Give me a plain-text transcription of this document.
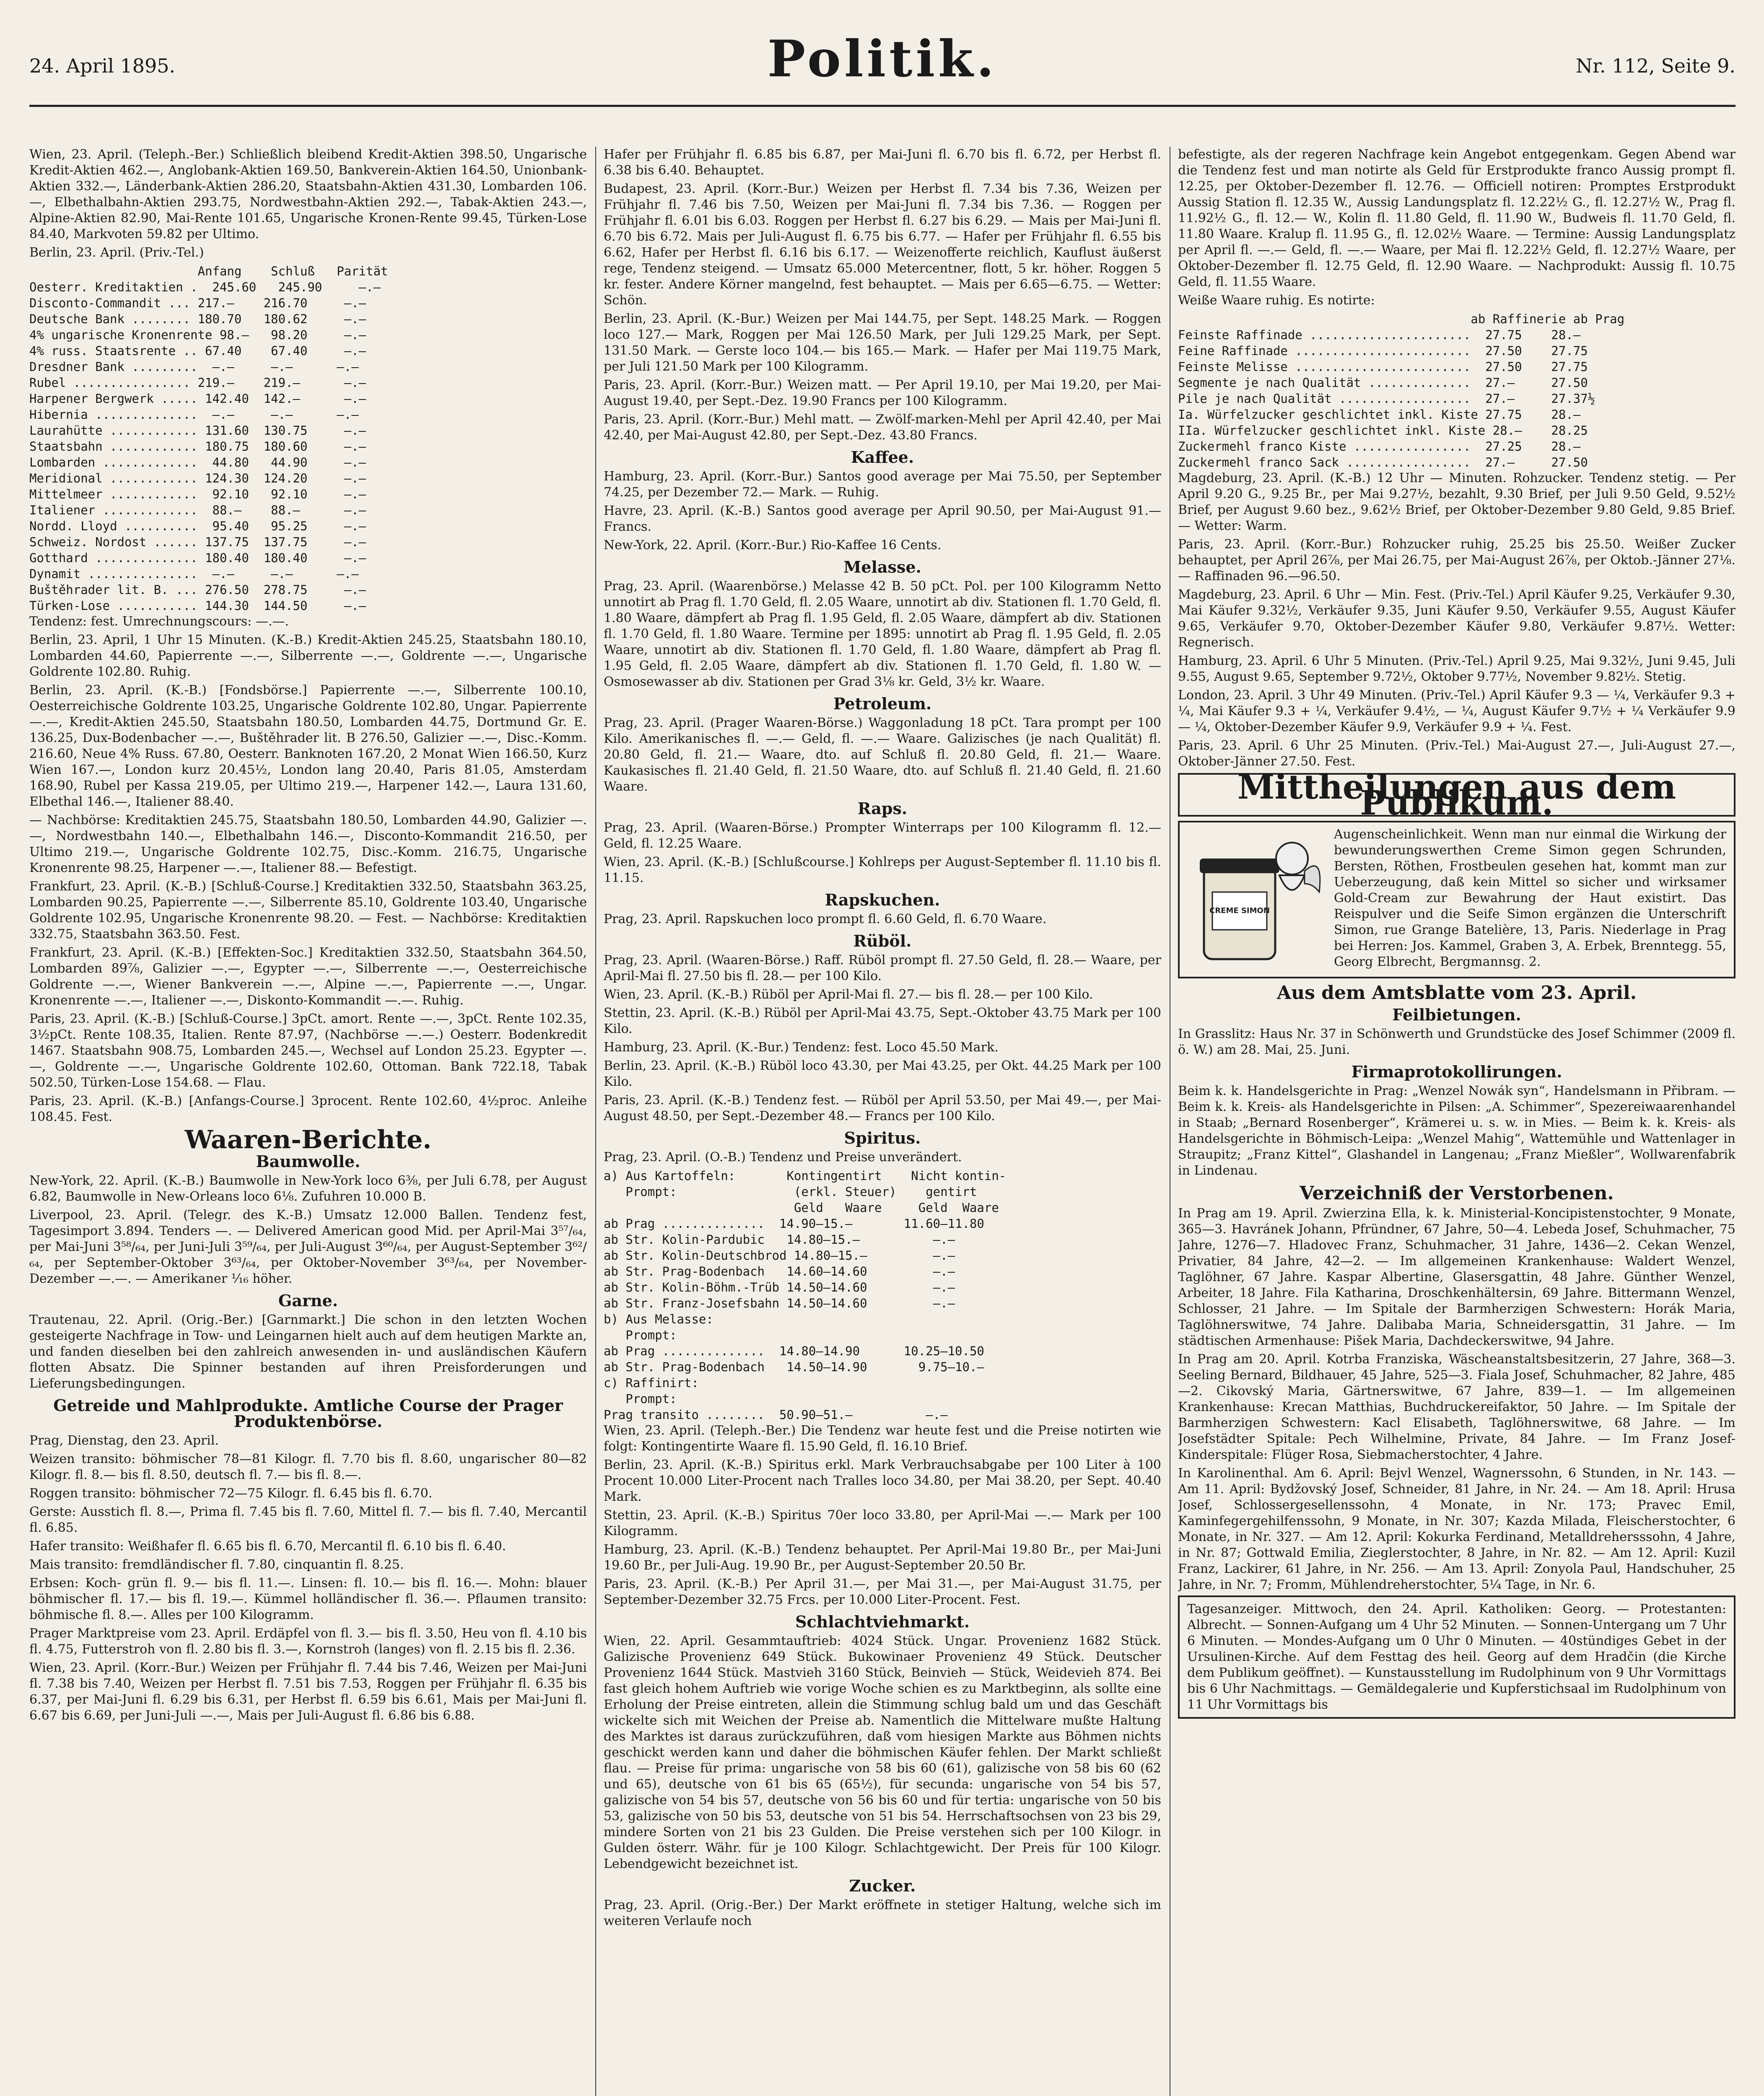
24. April 1895.	Politik.	Nr. 112, Seite 9.

Wien, 23. April. (Teleph.-Ber.) Schließlich bleibend Kredit-Aktien 398.50, Ungarische Kredit-Aktien 462.—, Anglobank-Aktien 169.50, Bankverein-Aktien 164.50, Unionbank-Aktien 332.—, Länderbank-Aktien 286.20, Staatsbahn-Aktien 431.30, Lombarden 106.—, Elbethalbahn-Aktien 293.75, Nordwestbahn-Aktien 292.—, Tabak-Aktien 243.—, Alpine-Aktien 82.90, Mai-Rente 101.65, Ungarische Kronen-Rente 99.45, Türken-Lose 84.40, Markvoten 59.82 per Ultimo.

Berlin, 23. April. (Priv.-Tel.)

Anfang    Schluß   Parität
Oesterr. Kreditaktien .  245.60   245.90     —.—
Disconto-Commandit ... 217.—    216.70     —.—
Deutsche Bank ........ 180.70   180.62     —.—
4% ungarische Kronenrente 98.—   98.20     —.—
4% russ. Staatsrente .. 67.40    67.40     —.—
Dresdner Bank .........  —.—     —.—      —.—
Rubel ................ 219.—    219.—      —.—
Harpener Bergwerk ..... 142.40  142.—      —.—
Hibernia ..............  —.—     —.—      —.—
Laurahütte ............ 131.60  130.75     —.—
Staatsbahn ............ 180.75  180.60     —.—
Lombarden .............  44.80   44.90     —.—
Meridional ............ 124.30  124.20     —.—
Mittelmeer ............  92.10   92.10     —.—
Italiener .............  88.—    88.—      —.—
Nordd. Lloyd ..........  95.40   95.25     —.—
Schweiz. Nordost ...... 137.75  137.75     —.—
Gotthard .............. 180.40  180.40     —.—
Dynamit ...............  —.—     —.—      —.—
Buštěhrader lit. B. ... 276.50  278.75     —.—
Türken-Lose ........... 144.30  144.50     —.—

Tendenz: fest. Umrechnungscours: —.—.

Berlin, 23. April, 1 Uhr 15 Minuten. (K.-B.) Kredit-Aktien 245.25, Staatsbahn 180.10, Lombarden 44.60, Papierrente —.—, Silberrente —.—, Goldrente —.—, Ungarische Goldrente 102.80. Ruhig.

Berlin, 23. April. (K.-B.) [Fondsbörse.] Papierrente —.—, Silberrente 100.10, Oesterreichische Goldrente 103.25, Ungarische Goldrente 102.80, Ungar. Papierrente —.—, Kredit-Aktien 245.50, Staatsbahn 180.50, Lombarden 44.75, Dortmund Gr. E. 136.25, Dux-Bodenbacher —.—, Buštěhrader lit. B 276.50, Galizier —.—, Disc.-Komm. 216.60, Neue 4% Russ. 67.80, Oesterr. Banknoten 167.20, 2 Monat Wien 166.50, Kurz Wien 167.—, London kurz 20.45½, London lang 20.40, Paris 81.05, Amsterdam 168.90, Rubel per Kassa 219.05, per Ultimo 219.—, Harpener 142.—, Laura 131.60, Elbethal 146.—, Italiener 88.40.

— Nachbörse: Kreditaktien 245.75, Staatsbahn 180.50, Lombarden 44.90, Galizier —.—, Nordwestbahn 140.—, Elbethalbahn 146.—, Disconto-Kommandit 216.50, per Ultimo 219.—, Ungarische Goldrente 102.75, Disc.-Komm. 216.75, Ungarische Kronenrente 98.25, Harpener —.—, Italiener 88.— Befestigt.

Frankfurt, 23. April. (K.-B.) [Schluß-Course.] Kreditaktien 332.50, Staatsbahn 363.25, Lombarden 90.25, Papierrente —.—, Silberrente 85.10, Goldrente 103.40, Ungarische Goldrente 102.95, Ungarische Kronenrente 98.20. — Fest. — Nachbörse: Kreditaktien 332.75, Staatsbahn 363.50. Fest.

Frankfurt, 23. April. (K.-B.) [Effekten-Soc.] Kreditaktien 332.50, Staatsbahn 364.50, Lombarden 89⅞, Galizier —.—, Egypter —.—, Silberrente —.—, Oesterreichische Goldrente —.—, Wiener Bankverein —.—, Alpine —.—, Papierrente —.—, Ungar. Kronenrente —.—, Italiener —.—, Diskonto-Kommandit —.—. Ruhig.

Paris, 23. April. (K.-B.) [Schluß-Course.] 3pCt. amort. Rente —.—, 3pCt. Rente 102.35, 3½pCt. Rente 108.35, Italien. Rente 87.97, (Nachbörse —.—.) Oesterr. Bodenkredit 1467. Staatsbahn 908.75, Lombarden 245.—, Wechsel auf London 25.23. Egypter —.—, Goldrente —.—, Ungarische Goldrente 102.60, Ottoman. Bank 722.18, Tabak 502.50, Türken-Lose 154.68. — Flau.

Paris, 23. April. (K.-B.) [Anfangs-Course.] 3procent. Rente 102.60, 4½proc. Anleihe 108.45. Fest.

Waaren-Berichte.
Baumwolle.

New-York, 22. April. (K.-B.) Baumwolle in New-York loco 6⅜, per Juli 6.78, per August 6.82, Baumwolle in New-Orleans loco 6⅛. Zufuhren 10.000 B.

Liverpool, 23. April. (Telegr. des K.-B.) Umsatz 12.000 Ballen. Tendenz fest, Tagesimport 3.894. Tenders —. — Delivered American good Mid. per April-Mai 3⁵⁷/₆₄, per Mai-Juni 3⁵⁸/₆₄, per Juni-Juli 3⁵⁹/₆₄, per Juli-August 3⁶⁰/₆₄, per August-September 3⁶²/₆₄, per September-Oktober 3⁶³/₆₄, per Oktober-November 3⁶³/₆₄, per November-Dezember —.—. — Amerikaner ⅟₁₆ höher.

Garne.

Trautenau, 22. April. (Orig.-Ber.) [Garnmarkt.] Die schon in den letzten Wochen gesteigerte Nachfrage in Tow- und Leingarnen hielt auch auf dem heutigen Markte an, und fanden dieselben bei den zahlreich anwesenden in- und ausländischen Käufern flotten Absatz. Die Spinner bestanden auf ihren Preisforderungen und Lieferungsbedingungen.

Getreide und Mahlprodukte. Amtliche Course der Prager Produktenbörse.

Prag, Dienstag, den 23. April.

Weizen transito: böhmischer 78—81 Kilogr. fl. 7.70 bis fl. 8.60, ungarischer 80—82 Kilogr. fl. 8.— bis fl. 8.50, deutsch fl. 7.— bis fl. 8.—.

Roggen transito: böhmischer 72—75 Kilogr. fl. 6.45 bis fl. 6.70.

Gerste: Ausstich fl. 8.—, Prima fl. 7.45 bis fl. 7.60, Mittel fl. 7.— bis fl. 7.40, Mercantil fl. 6.85.

Hafer transito: Weißhafer fl. 6.65 bis fl. 6.70, Mercantil fl. 6.10 bis fl. 6.40.

Mais transito: fremdländischer fl. 7.80, cinquantin fl. 8.25.

Erbsen: Koch- grün fl. 9.— bis fl. 11.—. Linsen: fl. 10.— bis fl. 16.—. Mohn: blauer böhmischer fl. 17.— bis fl. 19.—. Kümmel holländischer fl. 36.—. Pflaumen transito: böhmische fl. 8.—. Alles per 100 Kilogramm.

Prager Marktpreise vom 23. April. Erdäpfel von fl. 3.— bis fl. 3.50, Heu von fl. 4.10 bis fl. 4.75, Futterstroh von fl. 2.80 bis fl. 3.—, Kornstroh (langes) von fl. 2.15 bis fl. 2.36.

Wien, 23. April. (Korr.-Bur.) Weizen per Frühjahr fl. 7.44 bis 7.46, Weizen per Mai-Juni fl. 7.38 bis 7.40, Weizen per Herbst fl. 7.51 bis 7.53, Roggen per Frühjahr fl. 6.35 bis 6.37, per Mai-Juni fl. 6.29 bis 6.31, per Herbst fl. 6.59 bis 6.61, Mais per Mai-Juni fl. 6.67 bis 6.69, per Juni-Juli —.—, Mais per Juli-August fl. 6.86 bis 6.88.

Hafer per Frühjahr fl. 6.85 bis 6.87, per Mai-Juni fl. 6.70 bis fl. 6.72, per Herbst fl. 6.38 bis 6.40. Behauptet.

Budapest, 23. April. (Korr.-Bur.) Weizen per Herbst fl. 7.34 bis 7.36, Weizen per Frühjahr fl. 7.46 bis 7.50, Weizen per Mai-Juni fl. 7.34 bis 7.36. — Roggen per Frühjahr fl. 6.01 bis 6.03. Roggen per Herbst fl. 6.27 bis 6.29. — Mais per Mai-Juni fl. 6.70 bis 6.72. Mais per Juli-August fl. 6.75 bis 6.77. — Hafer per Frühjahr fl. 6.55 bis 6.62, Hafer per Herbst fl. 6.16 bis 6.17. — Weizenofferte reichlich, Kauflust äußerst rege, Tendenz steigend. — Umsatz 65.000 Metercentner, flott, 5 kr. höher. Roggen 5 kr. fester. Andere Körner mangelnd, fest behauptet. — Mais per 6.65—6.75. — Wetter: Schön.

Berlin, 23. April. (K.-Bur.) Weizen per Mai 144.75, per Sept. 148.25 Mark. — Roggen loco 127.— Mark, Roggen per Mai 126.50 Mark, per Juli 129.25 Mark, per Sept. 131.50 Mark. — Gerste loco 104.— bis 165.— Mark. — Hafer per Mai 119.75 Mark, per Juli 121.50 Mark per 100 Kilogramm.

Paris, 23. April. (Korr.-Bur.) Weizen matt. — Per April 19.10, per Mai 19.20, per Mai-August 19.40, per Sept.-Dez. 19.90 Francs per 100 Kilogramm.

Paris, 23. April. (Korr.-Bur.) Mehl matt. — Zwölf-marken-Mehl per April 42.40, per Mai 42.40, per Mai-August 42.80, per Sept.-Dez. 43.80 Francs.

Kaffee.

Hamburg, 23. April. (Korr.-Bur.) Santos good average per Mai 75.50, per September 74.25, per Dezember 72.— Mark. — Ruhig.

Havre, 23. April. (K.-B.) Santos good average per April 90.50, per Mai-August 91.— Francs.

New-York, 22. April. (Korr.-Bur.) Rio-Kaffee 16 Cents.

Melasse.

Prag, 23. April. (Waarenbörse.) Melasse 42 B. 50 pCt. Pol. per 100 Kilogramm Netto unnotirt ab Prag fl. 1.70 Geld, fl. 2.05 Waare, unnotirt ab div. Stationen fl. 1.70 Geld, fl. 1.80 Waare, dämpfert ab Prag fl. 1.95 Geld, fl. 2.05 Waare, dämpfert ab div. Stationen fl. 1.70 Geld, fl. 1.80 Waare. Termine per 1895: unnotirt ab Prag fl. 1.95 Geld, fl. 2.05 Waare, unnotirt ab div. Stationen fl. 1.70 Geld, fl. 1.80 Waare, dämpfert ab Prag fl. 1.95 Geld, fl. 2.05 Waare, dämpfert ab div. Stationen fl. 1.70 Geld, fl. 1.80 W. — Osmosewasser ab div. Stationen per Grad 3⅛ kr. Geld, 3½ kr. Waare.

Petroleum.

Prag, 23. April. (Prager Waaren-Börse.) Waggonladung 18 pCt. Tara prompt per 100 Kilo. Amerikanisches fl. —.— Geld, fl. —.— Waare. Galizisches (je nach Qualität) fl. 20.80 Geld, fl. 21.— Waare, dto. auf Schluß fl. 20.80 Geld, fl. 21.— Waare. Kaukasisches fl. 21.40 Geld, fl. 21.50 Waare, dto. auf Schluß fl. 21.40 Geld, fl. 21.60 Waare.

Raps.

Prag, 23. April. (Waaren-Börse.) Prompter Winterraps per 100 Kilogramm fl. 12.— Geld, fl. 12.25 Waare.

Wien, 23. April. (K.-B.) [Schlußcourse.] Kohlreps per August-September fl. 11.10 bis fl. 11.15.

Rapskuchen.

Prag, 23. April. Rapskuchen loco prompt fl. 6.60 Geld, fl. 6.70 Waare.

Rüböl.

Prag, 23. April. (Waaren-Börse.) Raff. Rüböl prompt fl. 27.50 Geld, fl. 28.— Waare, per April-Mai fl. 27.50 bis fl. 28.— per 100 Kilo.

Wien, 23. April. (K.-B.) Rüböl per April-Mai fl. 27.— bis fl. 28.— per 100 Kilo.

Stettin, 23. April. (K.-B.) Rüböl per April-Mai 43.75, Sept.-Oktober 43.75 Mark per 100 Kilo.

Hamburg, 23. April. (K.-Bur.) Tendenz: fest. Loco 45.50 Mark.

Berlin, 23. April. (K.-B.) Rüböl loco 43.30, per Mai 43.25, per Okt. 44.25 Mark per 100 Kilo.

Paris, 23. April. (K.-B.) Tendenz fest. — Rüböl per April 53.50, per Mai 49.—, per Mai-August 48.50, per Sept.-Dezember 48.— Francs per 100 Kilo.

Spiritus.

Prag, 23. April. (O.-B.) Tendenz und Preise unverändert.

a) Aus Kartoffeln:       Kontingentirt    Nicht kontin-
Prompt:                (erkl. Steuer)    gentirt
Geld   Waare     Geld  Waare
ab Prag ..............  14.90—15.—       11.60—11.80
ab Str. Kolin-Pardubic   14.80—15.—          —.—
ab Str. Kolin-Deutschbrod 14.80—15.—         —.—
ab Str. Prag-Bodenbach   14.60—14.60         —.—
ab Str. Kolin-Böhm.-Trüb 14.50—14.60         —.—
ab Str. Franz-Josefsbahn 14.50—14.60         —.—
b) Aus Melasse:
Prompt:
ab Prag ..............  14.80—14.90      10.25—10.50
ab Str. Prag-Bodenbach   14.50—14.90       9.75—10.—
c) Raffinirt:
Prompt:
Prag transito ........  50.90—51.—          —.—

Wien, 23. April. (Teleph.-Ber.) Die Tendenz war heute fest und die Preise notirten wie folgt: Kontingentirte Waare fl. 15.90 Geld, fl. 16.10 Brief.

Berlin, 23. April. (K.-B.) Spiritus erkl. Mark Verbrauchsabgabe per 100 Liter à 100 Procent 10.000 Liter-Procent nach Tralles loco 34.80, per Mai 38.20, per Sept. 40.40 Mark.

Stettin, 23. April. (K.-B.) Spiritus 70er loco 33.80, per April-Mai —.— Mark per 100 Kilogramm.

Hamburg, 23. April. (K.-B.) Tendenz behauptet. Per April-Mai 19.80 Br., per Mai-Juni 19.60 Br., per Juli-Aug. 19.90 Br., per August-September 20.50 Br.

Paris, 23. April. (K.-B.) Per April 31.—, per Mai 31.—, per Mai-August 31.75, per September-Dezember 32.75 Frcs. per 10.000 Liter-Procent. Fest.

Schlachtviehmarkt.

Wien, 22. April. Gesammtauftrieb: 4024 Stück. Ungar. Provenienz 1682 Stück. Galizische Provenienz 649 Stück. Bukowinaer Provenienz 49 Stück. Deutscher Provenienz 1644 Stück. Mastvieh 3160 Stück, Beinvieh — Stück, Weidevieh 874. Bei fast gleich hohem Auftrieb wie vorige Woche schien es zu Marktbeginn, als sollte eine Erholung der Preise eintreten, allein die Stimmung schlug bald um und das Geschäft wickelte sich mit Weichen der Preise ab. Namentlich die Mittelware mußte Haltung des Marktes ist daraus zurückzuführen, daß vom hiesigen Markte aus Böhmen nichts geschickt werden kann und daher die böhmischen Käufer fehlen. Der Markt schließt flau. — Preise für prima: ungarische von 58 bis 60 (61), galizische von 58 bis 60 (62 und 65), deutsche von 61 bis 65 (65½), für secunda: ungarische von 54 bis 57, galizische von 54 bis 57, deutsche von 56 bis 60 und für tertia: ungarische von 50 bis 53, galizische von 50 bis 53, deutsche von 51 bis 54. Herrschaftsochsen von 23 bis 29, mindere Sorten von 21 bis 23 Gulden. Die Preise verstehen sich per 100 Kilogr. in Gulden österr. Währ. für je 100 Kilogr. Schlachtgewicht. Der Preis für 100 Kilogr. Lebendgewicht bezeichnet ist.

Zucker.

Prag, 23. April. (Orig.-Ber.) Der Markt eröffnete in stetiger Haltung, welche sich im weiteren Verlaufe noch

befestigte, als der regeren Nachfrage kein Angebot entgegenkam. Gegen Abend war die Tendenz fest und man notirte als Geld für Erstprodukte franco Aussig prompt fl. 12.25, per Oktober-Dezember fl. 12.76. — Officiell notiren: Promptes Erstprodukt Aussig Station fl. 12.35 W., Aussig Landungsplatz fl. 12.22½ G., fl. 12.27½ W., Prag fl. 11.92½ G., fl. 12.— W., Kolin fl. 11.80 Geld, fl. 11.90 W., Budweis fl. 11.70 Geld, fl. 11.80 Waare. Kralup fl. 11.95 G., fl. 12.02½ Waare. — Termine: Aussig Landungsplatz per April fl. —.— Geld, fl. —.— Waare, per Mai fl. 12.22½ Geld, fl. 12.27½ Waare, per Oktober-Dezember fl. 12.75 Geld, fl. 12.90 Waare. — Nachprodukt: Aussig fl. 10.75 Geld, fl. 11.55 Waare.

Weiße Waare ruhig. Es notirte:

ab Raffinerie ab Prag
Feinste Raffinade ......................  27.75    28.—
Feine Raffinade ........................  27.50    27.75
Feinste Melisse ........................  27.50    27.75
Segmente je nach Qualität ..............  27.—     27.50
Pile je nach Qualität ..................  27.—     27.37½
Ia. Würfelzucker geschlichtet inkl. Kiste 27.75    28.—
IIa. Würfelzucker geschlichtet inkl. Kiste 28.—    28.25
Zuckermehl franco Kiste ................  27.25    28.—
Zuckermehl franco Sack .................  27.—     27.50

Magdeburg, 23. April. (K.-B.) 12 Uhr — Minuten. Rohzucker. Tendenz stetig. — Per April 9.20 G., 9.25 Br., per Mai 9.27½, bezahlt, 9.30 Brief, per Juli 9.50 Geld, 9.52½ Brief, per August 9.60 bez., 9.62½ Brief, per Oktober-Dezember 9.80 Geld, 9.85 Brief. — Wetter: Warm.

Paris, 23. April. (Korr.-Bur.) Rohzucker ruhig, 25.25 bis 25.50. Weißer Zucker behauptet, per April 26⅞, per Mai 26.75, per Mai-August 26⅞, per Oktob.-Jänner 27⅛. — Raffinaden 96.—96.50.

Magdeburg, 23. April. 6 Uhr — Min. Fest. (Priv.-Tel.) April Käufer 9.25, Verkäufer 9.30, Mai Käufer 9.32½, Verkäufer 9.35, Juni Käufer 9.50, Verkäufer 9.55, August Käufer 9.65, Verkäufer 9.70, Oktober-Dezember Käufer 9.80, Verkäufer 9.87½. Wetter: Regnerisch.

Hamburg, 23. April. 6 Uhr 5 Minuten. (Priv.-Tel.) April 9.25, Mai 9.32½, Juni 9.45, Juli 9.55, August 9.65, September 9.72½, Oktober 9.77½, November 9.82½. Stetig.

London, 23. April. 3 Uhr 49 Minuten. (Priv.-Tel.) April Käufer 9.3 — ¼, Verkäufer 9.3 + ¼, Mai Käufer 9.3 + ¼, Verkäufer 9.4½, — ¼, August Käufer 9.7½ + ¼ Verkäufer 9.9 — ¼, Oktober-Dezember Käufer 9.9, Verkäufer 9.9 + ¼. Fest.

Paris, 23. April. 6 Uhr 25 Minuten. (Priv.-Tel.) Mai-August 27.—, Juli-August 27.—, Oktober-Jänner 27.50. Fest.

Mittheilungen aus dem Publikum.
CREME SIMON

Augenscheinlichkeit. Wenn man nur einmal die Wirkung der bewunderungswerthen Creme Simon gegen Schrunden, Bersten, Röthen, Frostbeulen gesehen hat, kommt man zur Ueberzeugung, daß kein Mittel so sicher und wirksamer Gold-Cream zur Bewahrung der Haut existirt. Das Reispulver und die Seife Simon ergänzen die Unterschrift Simon, rue Grange Batelière, 13, Paris. Niederlage in Prag bei Herren: Jos. Kammel, Graben 3, A. Erbek, Brenntegg. 55, Georg Elbrecht, Bergmannsg. 2.

Aus dem Amtsblatte vom 23. April.
Feilbietungen.

In Grasslitz: Haus Nr. 37 in Schönwerth und Grundstücke des Josef Schimmer (2009 fl. ö. W.) am 28. Mai, 25. Juni.

Firmaprotokollirungen.

Beim k. k. Handelsgerichte in Prag: „Wenzel Nowák syn“, Handelsmann in Přibram. — Beim k. k. Kreis- als Handelsgerichte in Pilsen: „A. Schimmer“, Spezereiwaarenhandel in Staab; „Bernard Rosenberger“, Krämerei u. s. w. in Mies. — Beim k. k. Kreis- als Handelsgerichte in Böhmisch-Leipa: „Wenzel Mahig“, Wattemühle und Wattenlager in Straupitz; „Franz Kittel“, Glashandel in Langenau; „Franz Mießler“, Wollwarenfabrik in Lindenau.

Verzeichniß der Verstorbenen.

In Prag am 19. April. Zwierzina Ella, k. k. Ministerial-Koncipistenstochter, 9 Monate, 365—3. Havránek Johann, Pfründner, 67 Jahre, 50—4. Lebeda Josef, Schuhmacher, 75 Jahre, 1276—7. Hladovec Franz, Schuhmacher, 31 Jahre, 1436—2. Cekan Wenzel, Privatier, 84 Jahre, 42—2. — Im allgemeinen Krankenhause: Waldert Wenzel, Taglöhner, 67 Jahre. Kaspar Albertine, Glasersgattin, 48 Jahre. Günther Wenzel, Arbeiter, 18 Jahre. Fila Katharina, Droschkenhältersin, 69 Jahre. Bittermann Wenzel, Schlosser, 21 Jahre. — Im Spitale der Barmherzigen Schwestern: Horák Maria, Taglöhnerswitwe, 74 Jahre. Dalibaba Maria, Schneidersgattin, 31 Jahre. — Im städtischen Armenhause: Pišek Maria, Dachdeckerswitwe, 94 Jahre.

In Prag am 20. April. Kotrba Franziska, Wäscheanstaltsbesitzerin, 27 Jahre, 368—3. Seeling Bernard, Bildhauer, 45 Jahre, 525—3. Fiala Josef, Schuhmacher, 82 Jahre, 485—2. Cikovský Maria, Gärtnerswitwe, 67 Jahre, 839—1. — Im allgemeinen Krankenhause: Krecan Matthias, Buchdruckereifaktor, 50 Jahre. — Im Spitale der Barmherzigen Schwestern: Kacl Elisabeth, Taglöhnerswitwe, 68 Jahre. — Im Josefstädter Spitale: Pech Wilhelmine, Private, 84 Jahre. — Im Franz Josef-Kinderspitale: Flüger Rosa, Siebmacherstochter, 4 Jahre.

In Karolinenthal. Am 6. April: Bejvl Wenzel, Wagnerssohn, 6 Stunden, in Nr. 143. — Am 11. April: Bydžovský Josef, Schneider, 81 Jahre, in Nr. 24. — Am 18. April: Hrusa Josef, Schlossergesellenssohn, 4 Monate, in Nr. 173; Pravec Emil, Kaminfegergehilfenssohn, 9 Monate, in Nr. 307; Kazda Milada, Fleischerstochter, 6 Monate, in Nr. 327. — Am 12. April: Kokurka Ferdinand, Metalldrehersssohn, 4 Jahre, in Nr. 87; Gottwald Emilia, Zieglerstochter, 8 Jahre, in Nr. 82. — Am 12. April: Kuzil Franz, Lackirer, 61 Jahre, in Nr. 256. — Am 13. April: Zonyola Paul, Handschuher, 25 Jahre, in Nr. 7; Fromm, Mühlendreherstochter, 5¼ Tage, in Nr. 6.

Tagesanzeiger. Mittwoch, den 24. April. Katholiken: Georg. — Protestanten: Albrecht. — Sonnen-Aufgang um 4 Uhr 52 Minuten. — Sonnen-Untergang um 7 Uhr 6 Minuten. — Mondes-Aufgang um 0 Uhr 0 Minuten. — 40stündiges Gebet in der Ursulinen-Kirche. Auf dem Festtag des heil. Georg auf dem Hradčin (die Kirche dem Publikum geöffnet). — Kunstausstellung im Rudolphinum von 9 Uhr Vormittags bis 6 Uhr Nachmittags. — Gemäldegalerie und Kupferstichsaal im Rudolphinum von 11 Uhr Vormittags bis
